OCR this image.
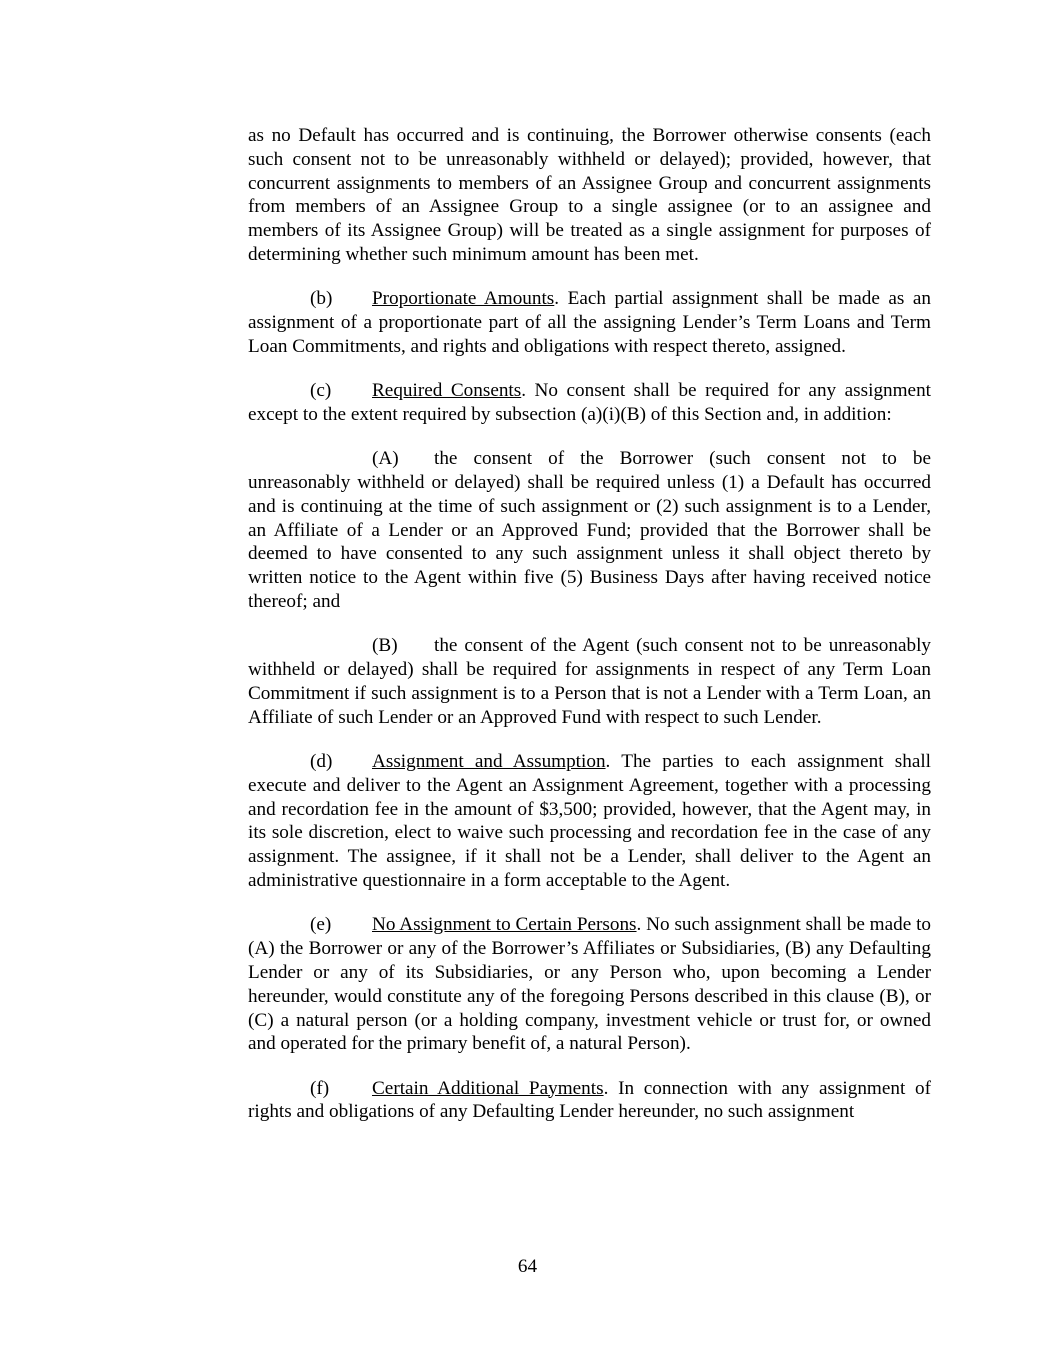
as no Default has occurred and is continuing, the Borrower otherwise consents (each such consent not to be unreasonably withheld or delayed); provided, however, that concurrent assignments to members of an Assignee Group and concurrent assignments from members of an Assignee Group to a single assignee (or to an assignee and members of its Assignee Group) will be treated as a single assignment for purposes of determining whether such minimum amount has been met.

(b) Proportionate Amounts. Each partial assignment shall be made as an assignment of a proportionate part of all the assigning Lender’s Term Loans and Term Loan Commitments, and rights and obligations with respect thereto, assigned.

(c) Required Consents. No consent shall be required for any assignment except to the extent required by subsection (a)(i)(B) of this Section and, in addition:

(A) the consent of the Borrower (such consent not to be unreasonably withheld or delayed) shall be required unless (1) a Default has occurred and is continuing at the time of such assignment or (2) such assignment is to a Lender, an Affiliate of a Lender or an Approved Fund; provided that the Borrower shall be deemed to have consented to any such assignment unless it shall object thereto by written notice to the Agent within five (5) Business Days after having received notice thereof; and

(B) the consent of the Agent (such consent not to be unreasonably withheld or delayed) shall be required for assignments in respect of any Term Loan Commitment if such assignment is to a Person that is not a Lender with a Term Loan, an Affiliate of such Lender or an Approved Fund with respect to such Lender.

(d) Assignment and Assumption. The parties to each assignment shall execute and deliver to the Agent an Assignment Agreement, together with a processing and recordation fee in the amount of $3,500; provided, however, that the Agent may, in its sole discretion, elect to waive such processing and recordation fee in the case of any assignment. The assignee, if it shall not be a Lender, shall deliver to the Agent an administrative questionnaire in a form acceptable to the Agent.

(e) No Assignment to Certain Persons. No such assignment shall be made to (A) the Borrower or any of the Borrower’s Affiliates or Subsidiaries, (B) any Defaulting Lender or any of its Subsidiaries, or any Person who, upon becoming a Lender hereunder, would constitute any of the foregoing Persons described in this clause (B), or (C) a natural person (or a holding company, investment vehicle or trust for, or owned and operated for the primary benefit of, a natural Person).

(f) Certain Additional Payments. In connection with any assignment of rights and obligations of any Defaulting Lender hereunder, no such assignment

64
